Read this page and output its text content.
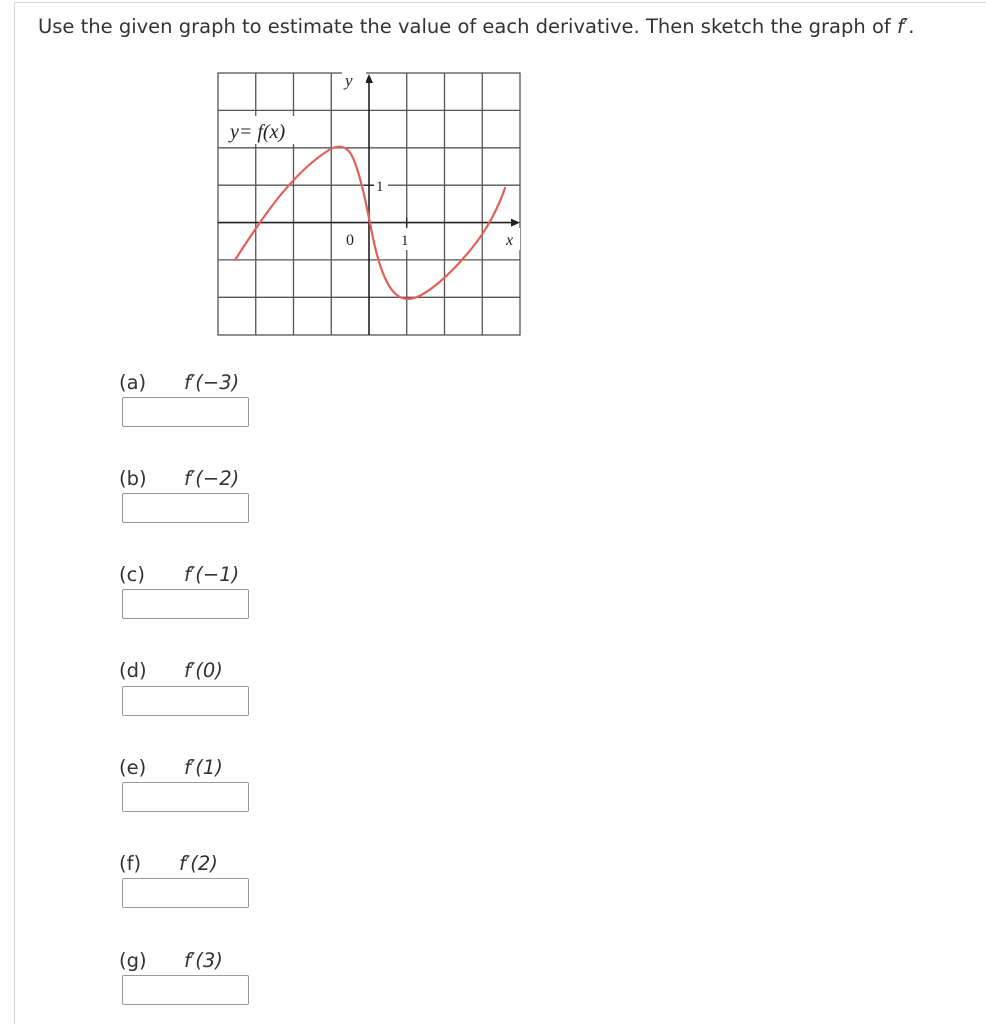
Use the given graph to estimate the value of each derivative. Then sketch the graph of f′.
y= f(x)
y
1
0	1	x
(a) f′(−3)
(b) f′(−2)
(c) f′(−1)
(d) f′(0)
(e) f′(1)
(f) f′(2)
(g) f′(3)
